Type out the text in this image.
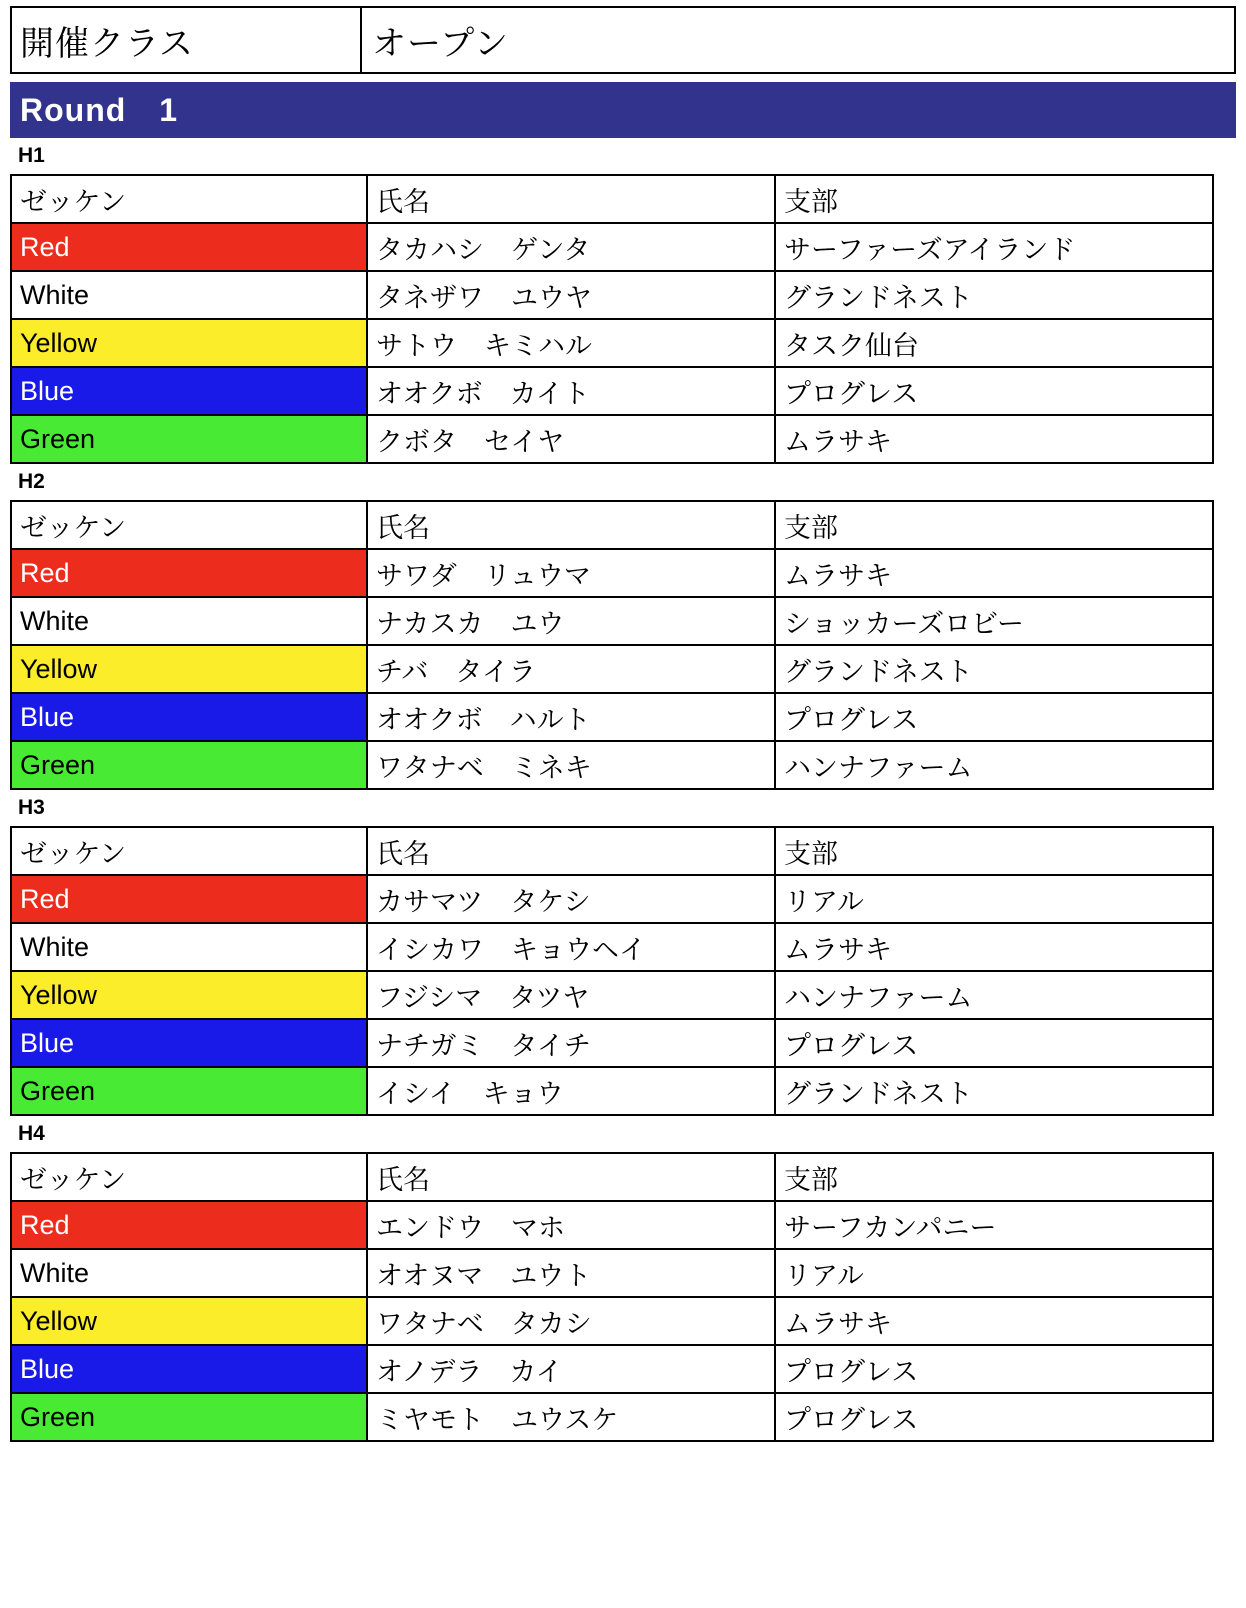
開催クラス	オープン
Round　1
H1
ゼッケン	氏名	支部
Red	タカハシ　ゲンタ	サーファーズアイランド
White	タネザワ　ユウヤ	グランドネスト
Yellow	サトウ　キミハル	タスク仙台
Blue	オオクボ　カイト	プログレス
Green	クボタ　セイヤ	ムラサキ
H2
ゼッケン	氏名	支部
Red	サワダ　リュウマ	ムラサキ
White	ナカスカ　ユウ	ショッカーズロビー
Yellow	チバ　タイラ	グランドネスト
Blue	オオクボ　ハルト	プログレス
Green	ワタナベ　ミネキ	ハンナファーム
H3
ゼッケン	氏名	支部
Red	カサマツ　タケシ	リアル
White	イシカワ　キョウヘイ	ムラサキ
Yellow	フジシマ　タツヤ	ハンナファーム
Blue	ナチガミ　タイチ	プログレス
Green	イシイ　キョウ	グランドネスト
H4
ゼッケン	氏名	支部
Red	エンドウ　マホ	サーフカンパニー
White	オオヌマ　ユウト	リアル
Yellow	ワタナベ　タカシ	ムラサキ
Blue	オノデラ　カイ	プログレス
Green	ミヤモト　ユウスケ	プログレス
